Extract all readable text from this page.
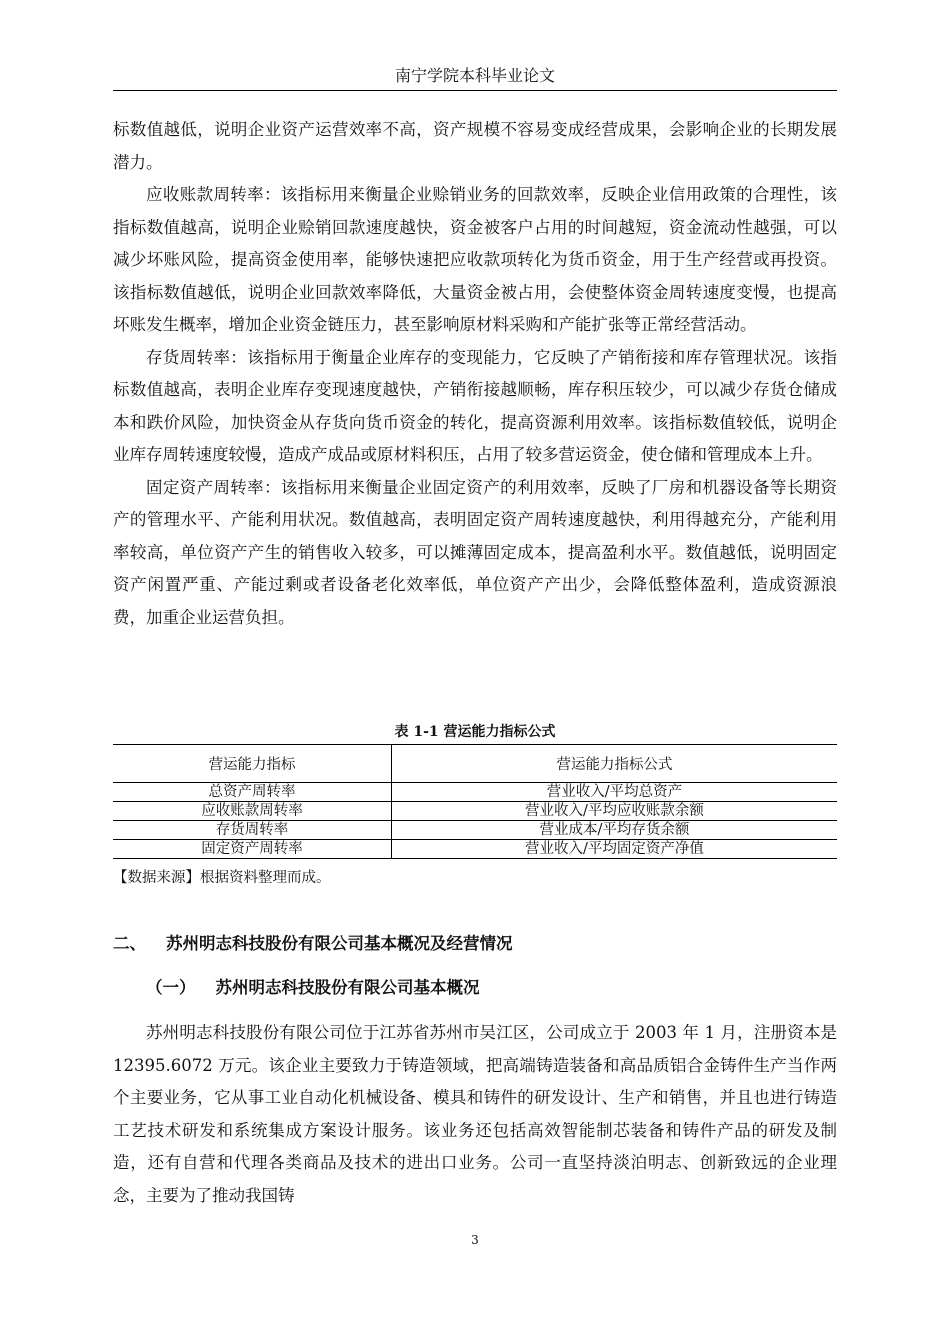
南宁学院本科毕业论文

标数值越低，说明企业资产运营效率不高，资产规模不容易变成经营成果，会影响企业的长期发展潜力。

应收账款周转率：该指标用来衡量企业赊销业务的回款效率，反映企业信用政策的合理性，该指标数值越高，说明企业赊销回款速度越快，资金被客户占用的时间越短，资金流动性越强，可以减少坏账风险，提高资金使用率，能够快速把应收款项转化为货币资金，用于生产经营或再投资。该指标数值越低，说明企业回款效率降低，大量资金被占用，会使整体资金周转速度变慢，也提高坏账发生概率，增加企业资金链压力，甚至影响原材料采购和产能扩张等正常经营活动。

存货周转率：该指标用于衡量企业库存的变现能力，它反映了产销衔接和库存管理状况。该指标数值越高，表明企业库存变现速度越快，产销衔接越顺畅，库存积压较少，可以减少存货仓储成本和跌价风险，加快资金从存货向货币资金的转化，提高资源利用效率。该指标数值较低，说明企业库存周转速度较慢，造成产成品或原材料积压，占用了较多营运资金，使仓储和管理成本上升。

固定资产周转率：该指标用来衡量企业固定资产的利用效率，反映了厂房和机器设备等长期资产的管理水平、产能利用状况。数值越高，表明固定资产周转速度越快，利用得越充分，产能利用率较高，单位资产产生的销售收入较多，可以摊薄固定成本，提高盈利水平。数值越低，说明固定资产闲置严重、产能过剩或者设备老化效率低，单位资产产出少，会降低整体盈利，造成资源浪费，加重企业运营负担。

表 1-1 营运能力指标公式
营运能力指标	营运能力指标公式
总资产周转率	营业收入/平均总资产
应收账款周转率	营业收入/平均应收账款余额
存货周转率	营业成本/平均存货余额
固定资产周转率	营业收入/平均固定资产净值
【数据来源】根据资料整理而成。
二、 苏州明志科技股份有限公司基本概况及经营情况
（一） 苏州明志科技股份有限公司基本概况

苏州明志科技股份有限公司位于江苏省苏州市吴江区，公司成立于 2003 年 1 月，注册资本是 12395.6072 万元。该企业主要致力于铸造领域，把高端铸造装备和高品质铝合金铸件生产当作两个主要业务，它从事工业自动化机械设备、模具和铸件的研发设计、生产和销售，并且也进行铸造工艺技术研发和系统集成方案设计服务。该业务还包括高效智能制芯装备和铸件产品的研发及制造，还有自营和代理各类商品及技术的进出口业务。公司一直坚持淡泊明志、创新致远的企业理念，主要为了推动我国铸

3
